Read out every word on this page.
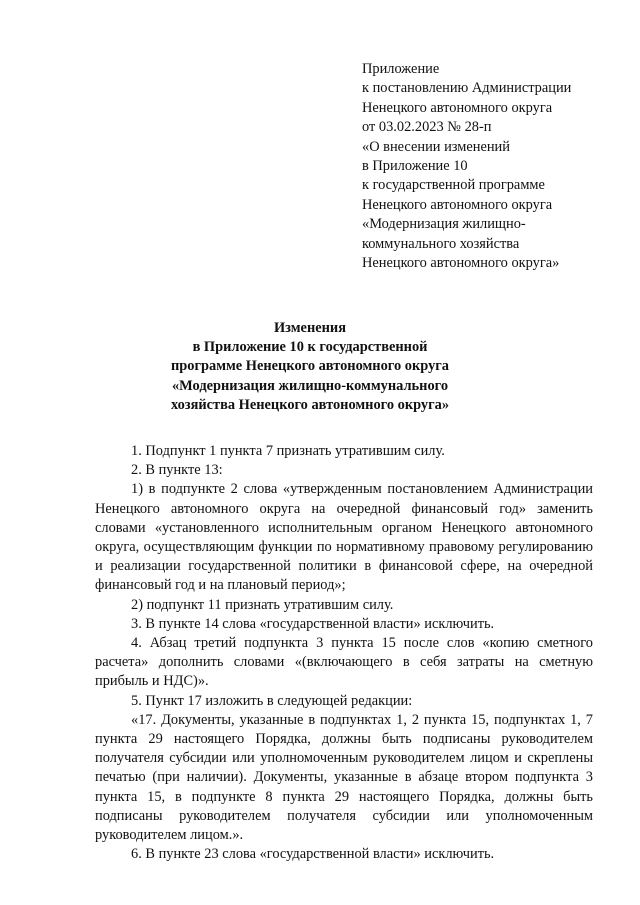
Приложение
к постановлению Администрации
Ненецкого автономного округа
от 03.02.2023 № 28-п
«О внесении изменений
в Приложение 10
к государственной программе
Ненецкого автономного округа
«Модернизация жилищно-
коммунального хозяйства
Ненецкого автономного округа»
Изменения
в Приложение 10 к государственной
программе Ненецкого автономного округа
«Модернизация жилищно-коммунального
хозяйства Ненецкого автономного округа»

1. Подпункт 1 пункта 7 признать утратившим силу.

2. В пункте 13:

1) в подпункте 2 слова «утвержденным постановлением Администрации Ненецкого автономного округа на очередной финансовый год» заменить словами «установленного исполнительным органом Ненецкого автономного округа, осуществляющим функции по нормативному правовому регулированию и реализации государственной политики в финансовой сфере, на очередной финансовый год и на плановый период»;

2) подпункт 11 признать утратившим силу.

3. В пункте 14 слова «государственной власти» исключить.

4. Абзац третий подпункта 3 пункта 15 после слов «копию сметного расчета» дополнить словами «(включающего в себя затраты на сметную прибыль и НДС)».

5. Пункт 17 изложить в следующей редакции:

«17. Документы, указанные в подпунктах 1, 2 пункта 15, подпунктах 1, 7 пункта 29 настоящего Порядка, должны быть подписаны руководителем получателя субсидии или уполномоченным руководителем лицом и скреплены печатью (при наличии). Документы, указанные в абзаце втором подпункта 3 пункта 15, в подпункте 8 пункта 29 настоящего Порядка, должны быть подписаны руководителем получателя субсидии или уполномоченным руководителем лицом.».

6. В пункте 23 слова «государственной власти» исключить.
